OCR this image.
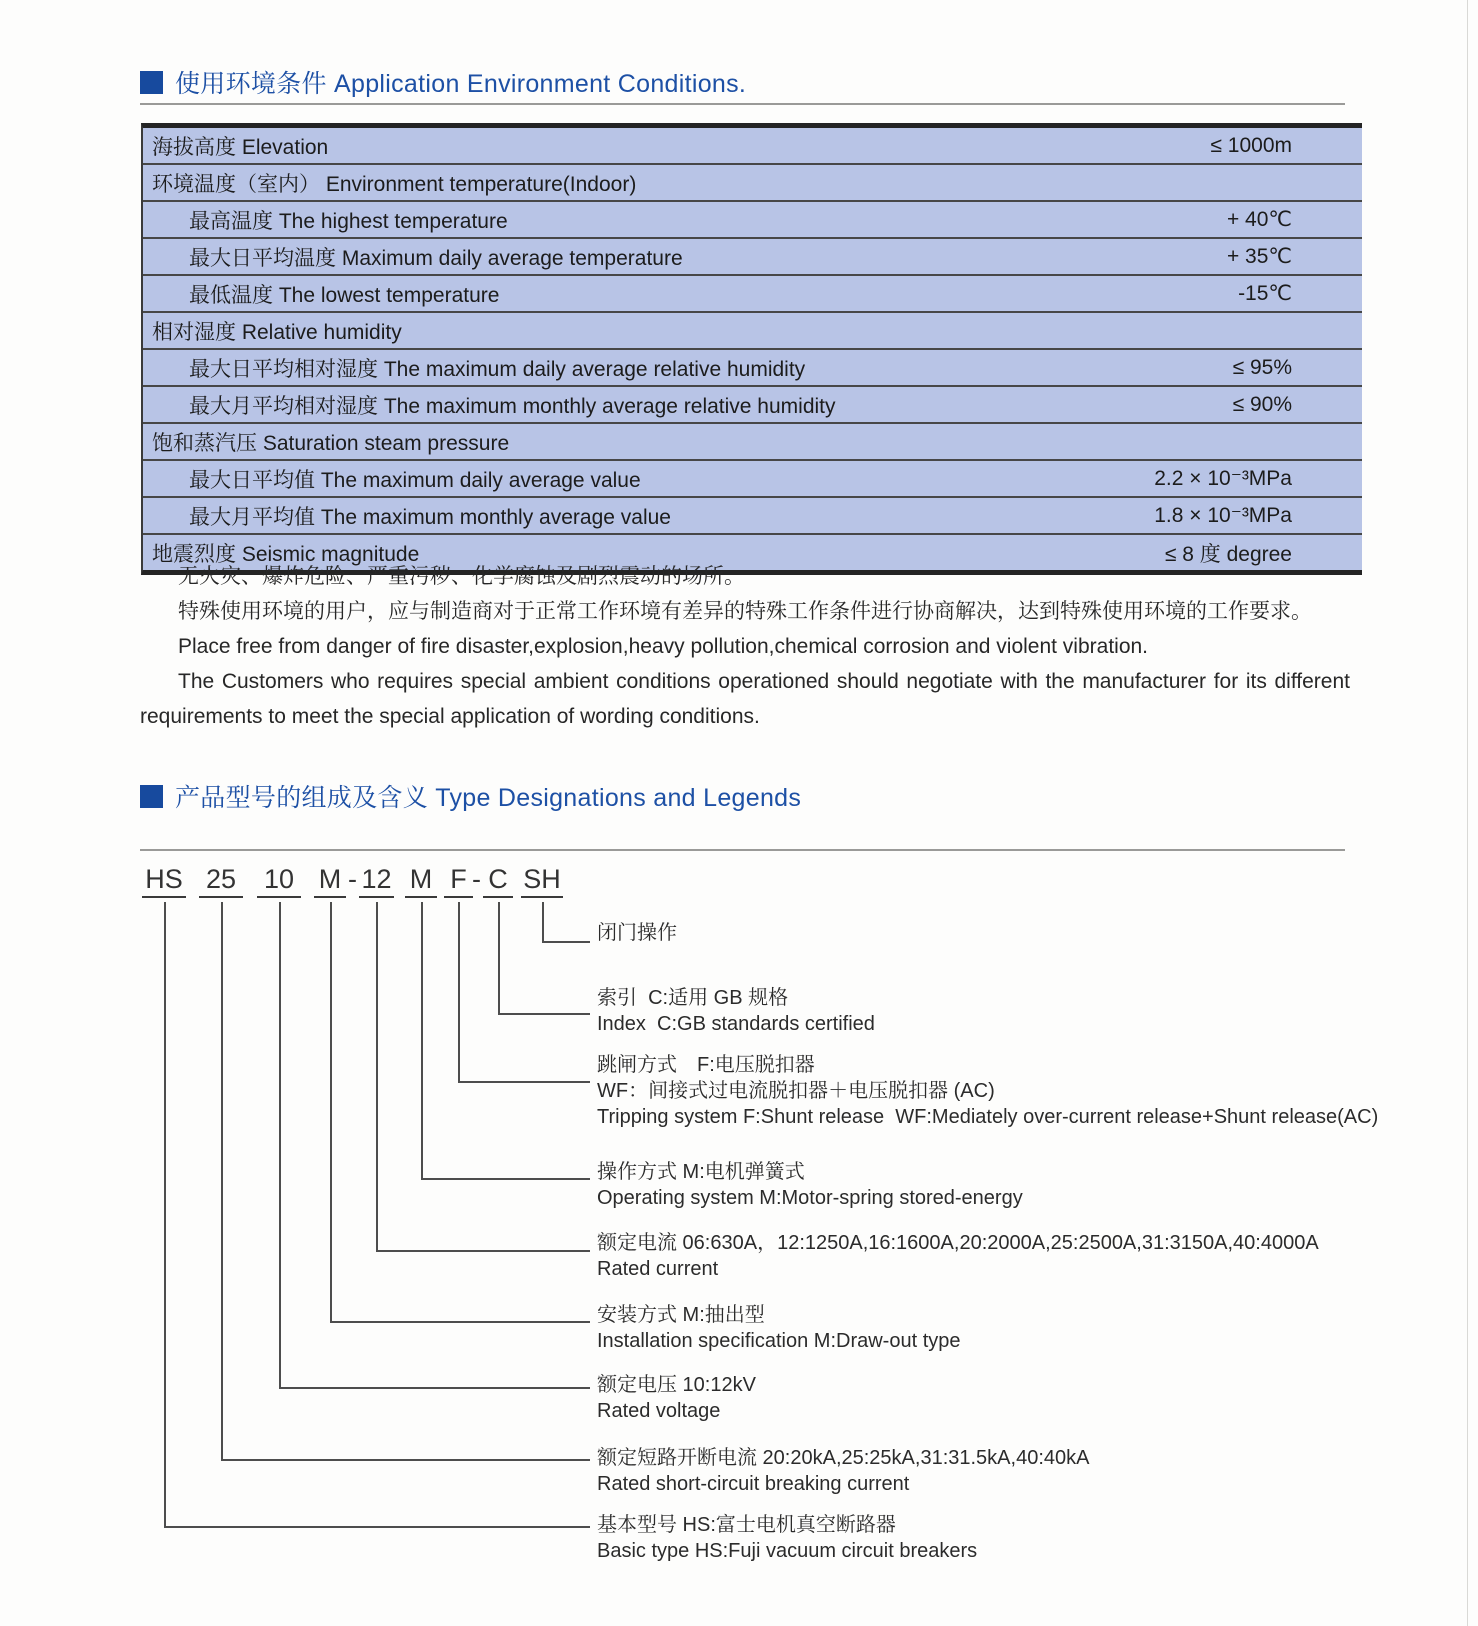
使用环境条件 Application Environment Conditions.
海拔高度 Elevation	≤ 1000m
环境温度（室内） Environment temperature(Indoor)
最高温度 The highest temperature	+ 40℃
最大日平均温度 Maximum daily average temperature	+ 35℃
最低温度 The lowest temperature	-15℃
相对湿度 Relative humidity
最大日平均相对湿度 The maximum daily average relative humidity	≤ 95%
最大月平均相对湿度 The maximum monthly average relative humidity	≤ 90%
饱和蒸汽压 Saturation steam pressure
最大日平均值 The maximum daily average value	2.2 × 10⁻³MPa
最大月平均值 The maximum monthly average value	1.8 × 10⁻³MPa
地震烈度 Seismic magnitude	≤ 8 度 degree

无火灾、爆炸危险、严重污秽、化学腐蚀及剧烈震动的场所。

特殊使用环境的用户，应与制造商对于正常工作环境有差异的特殊工作条件进行协商解决，达到特殊使用环境的工作要求。

Place free from danger of fire disaster,explosion,heavy pollution,chemical corrosion and violent vibration.

The Customers who requires special ambient conditions operationed should negotiate with the manufacturer for its different requirements to meet the special application of wording conditions.

产品型号的组成及含义 Type Designations and Legends
HS 25 10 M - 12 M F - C SH
闭门操作
索引  C:适用 GB 规格
Index  C:GB standards certified
跳闸方式　F:电压脱扣器
WF：间接式过电流脱扣器＋电压脱扣器 (AC)
Tripping system F:Shunt release  WF:Mediately over-current release+Shunt release(AC)
操作方式 M:电机弹簧式
Operating system M:Motor-spring stored-energy
额定电流 06:630A，12:1250A,16:1600A,20:2000A,25:2500A,31:3150A,40:4000A
Rated current
安装方式 M:抽出型
Installation specification M:Draw-out type
额定电压 10:12kV
Rated voltage
额定短路开断电流 20:20kA,25:25kA,31:31.5kA,40:40kA
Rated short-circuit breaking current
基本型号 HS:富士电机真空断路器
Basic type HS:Fuji vacuum circuit breakers
